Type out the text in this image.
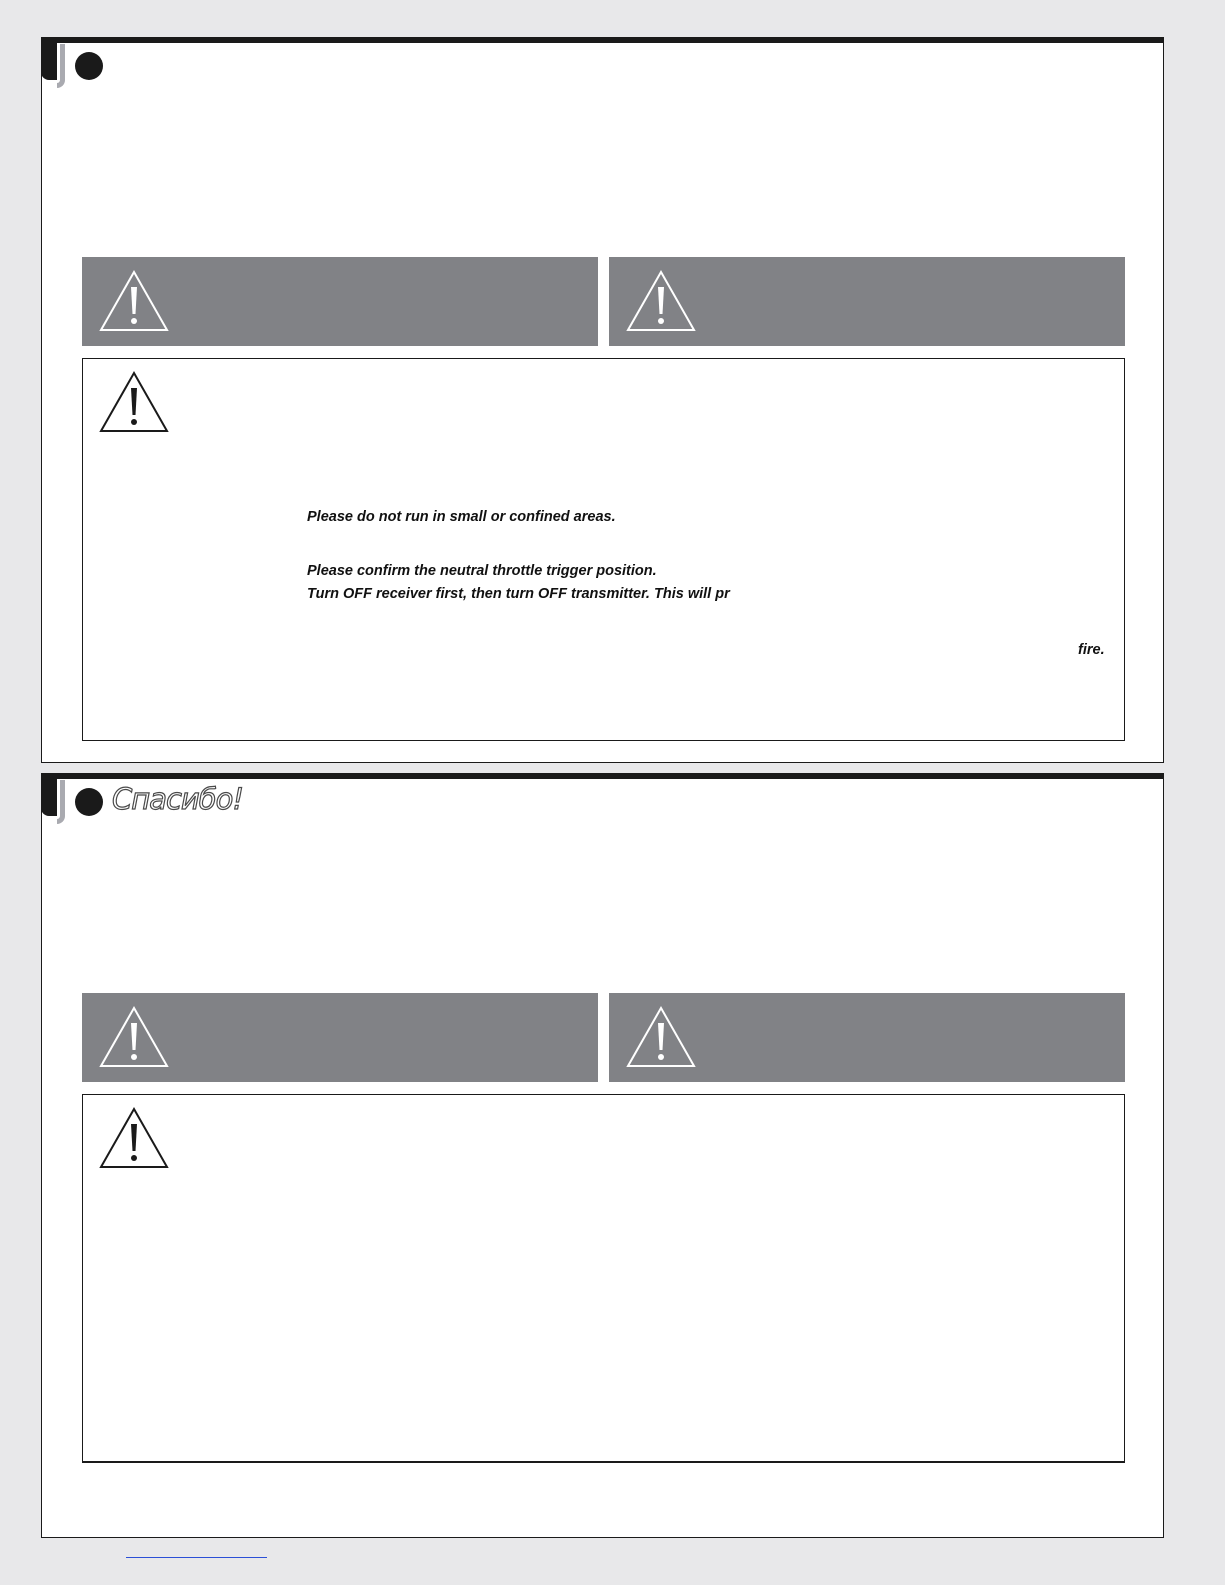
Please do not run in small or confined areas.
Please confirm the neutral throttle trigger position.
Turn OFF receiver first, then turn OFF transmitter. This will pr
fire.
Спасибо!
